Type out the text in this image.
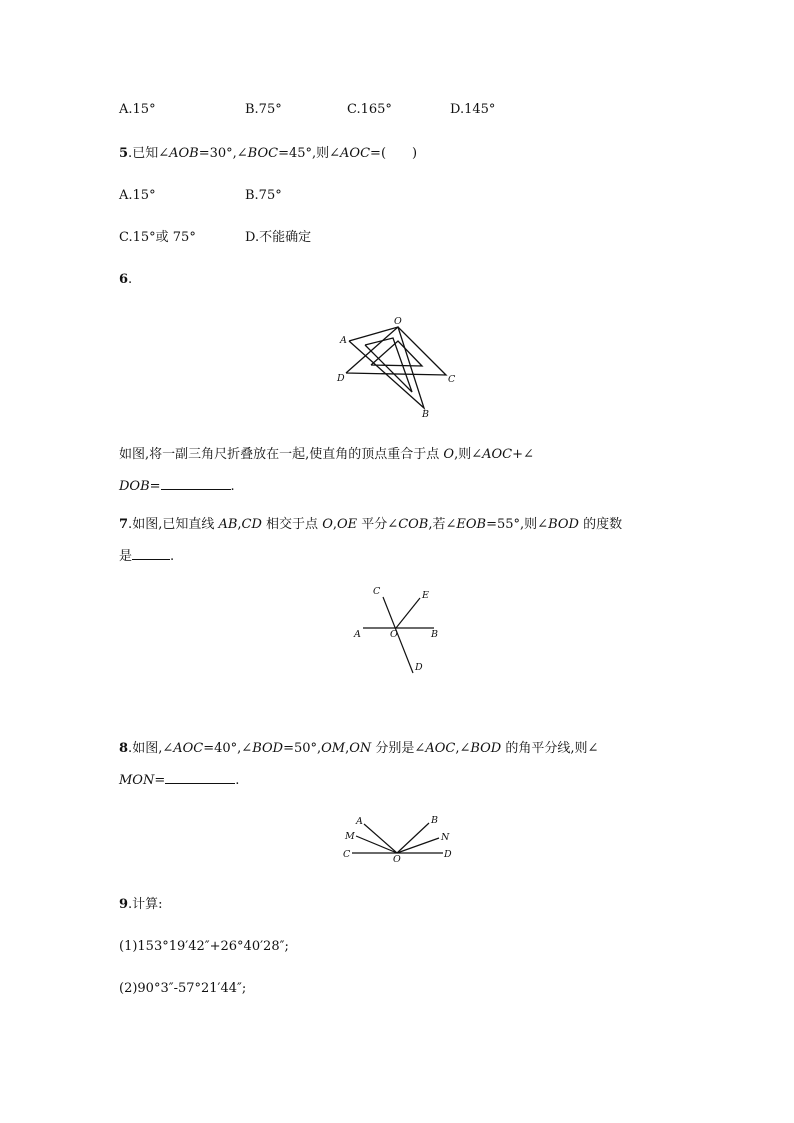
A.15°	B.75°	C.165°	D.145°
5.已知∠AOB=30°,∠BOC=45°,则∠AOC=(　　)
A.15°	B.75°
C.15°或 75°	D.不能确定
6.
O
A
D	C
B
如图,将一副三角尺折叠放在一起,使直角的顶点重合于点 O,则∠AOC+∠
DOB=	.
7.如图,已知直线 AB,CD 相交于点 O,OE 平分∠COB,若∠EOB=55°,则∠BOD 的度数
是	.
C	E
A	O	B
D
8.如图,∠AOC=40°,∠BOD=50°,OM,ON 分别是∠AOC,∠BOD 的角平分线,则∠
MON=	.
A	B
M	N
C	O	D
9.计算:
(1)153°19′42″+26°40′28″;
(2)90°3″-57°21′44″;
